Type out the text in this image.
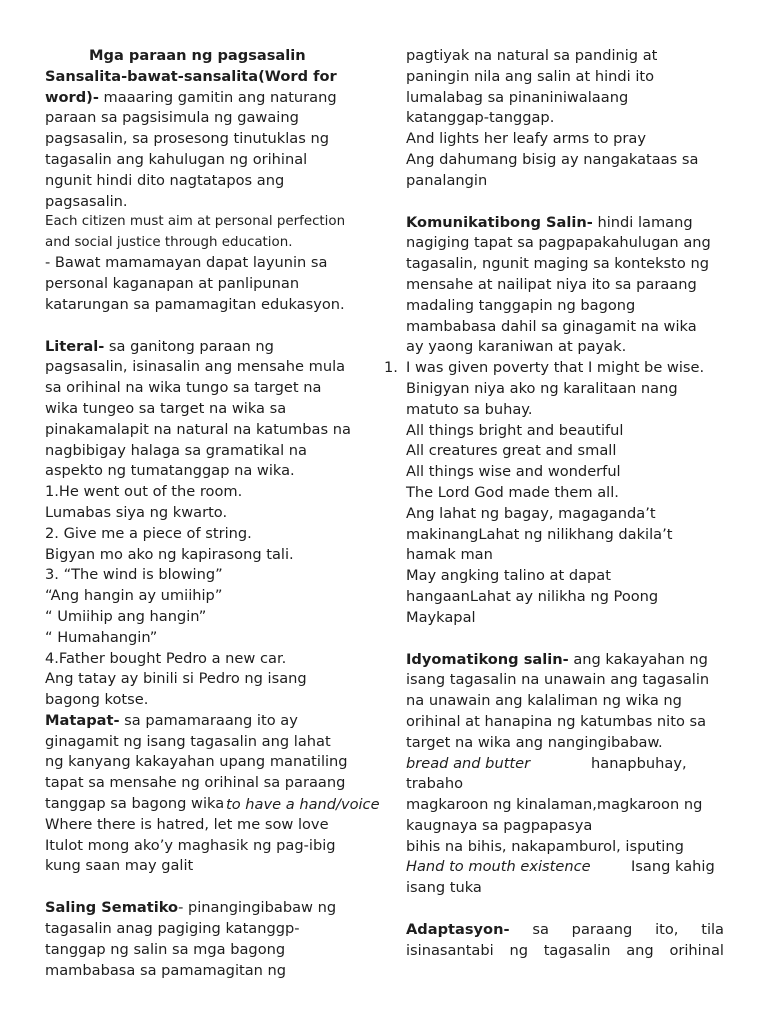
Mga paraan ng pagsasalin
Sansalita-bawat-sansalita(Word for
word)- maaaring gamitin ang naturang
paraan sa pagsisimula ng gawaing
pagsasalin, sa prosesong tinutuklas ng
tagasalin ang kahulugan ng orihinal
ngunit hindi dito nagtatapos ang
pagsasalin.
Each citizen must aim at personal perfection
and social justice through education.
- Bawat mamamayan dapat layunin sa
personal kaganapan at panlipunan
katarungan sa pamamagitan edukasyon.
Literal- sa ganitong paraan ng
pagsasalin, isinasalin ang mensahe mula
sa orihinal na wika tungo sa target na
wika tungeo sa target na wika sa
pinakamalapit na natural na katumbas na
nagbibigay halaga sa gramatikal na
aspekto ng tumatanggap na wika.
1.He went out of the room.
Lumabas siya ng kwarto.
2. Give me a piece of string.
Bigyan mo ako ng kapirasong tali.
3. “The wind is blowing”
“Ang hangin ay umiihip”
“ Umiihip ang hangin”
“ Humahangin”
4.Father bought Pedro a new car.
Ang tatay ay binili si Pedro ng isang
bagong kotse.
Matapat- sa pamamaraang ito ay
ginagamit ng isang tagasalin ang lahat
ng kanyang kakayahan upang manatiling
tapat sa mensahe ng orihinal sa paraang
tanggap sa bagong wika to have a hand/voice
Where there is hatred, let me sow love
Itulot mong ako’y maghasik ng pag-ibig
kung saan may galit
Saling Sematiko- pinangingibabaw ng
tagasalin anag pagiging katanggp-
tanggap ng salin sa mga bagong
mambabasa sa pamamagitan ng
pagtiyak na natural sa pandinig at
paningin nila ang salin at hindi ito
lumalabag sa pinaniniwalaang
katanggap-tanggap.
And lights her leafy arms to pray
Ang dahumang bisig ay nangakataas sa
panalangin
Komunikatibong Salin- hindi lamang
nagiging tapat sa pagpapakahulugan ang
tagasalin, ngunit maging sa konteksto ng
mensahe at nailipat niya ito sa paraang
madaling tanggapin ng bagong
mambabasa dahil sa ginagamit na wika
ay yaong karaniwan at payak.
1. I was given poverty that I might be wise.
Binigyan niya ako ng karalitaan nang
matuto sa buhay.
All things bright and beautiful
All creatures great and small
All things wise and wonderful
The Lord God made them all.
Ang lahat ng bagay, magaganda’t
makinangLahat ng nilikhang dakila’t
hamak man
May angking talino at dapat
hangaanLahat ay nilikha ng Poong
Maykapal
Idyomatikong salin- ang kakayahan ng
isang tagasalin na unawain ang tagasalin
na unawain ang kalaliman ng wika ng
orihinal at hanapina ng katumbas nito sa
target na wika ang nangingibabaw.
bread and butter	hanapbuhay,
trabaho
magkaroon ng kinalaman,magkaroon ng
kaugnaya sa pagpapasya
bihis na bihis, nakapamburol, isputing
Hand to mouth existence	Isang kahig
isang tuka
Adaptasyon- sa paraang ito, tila
isinasantabi ng tagasalin ang orihinal
